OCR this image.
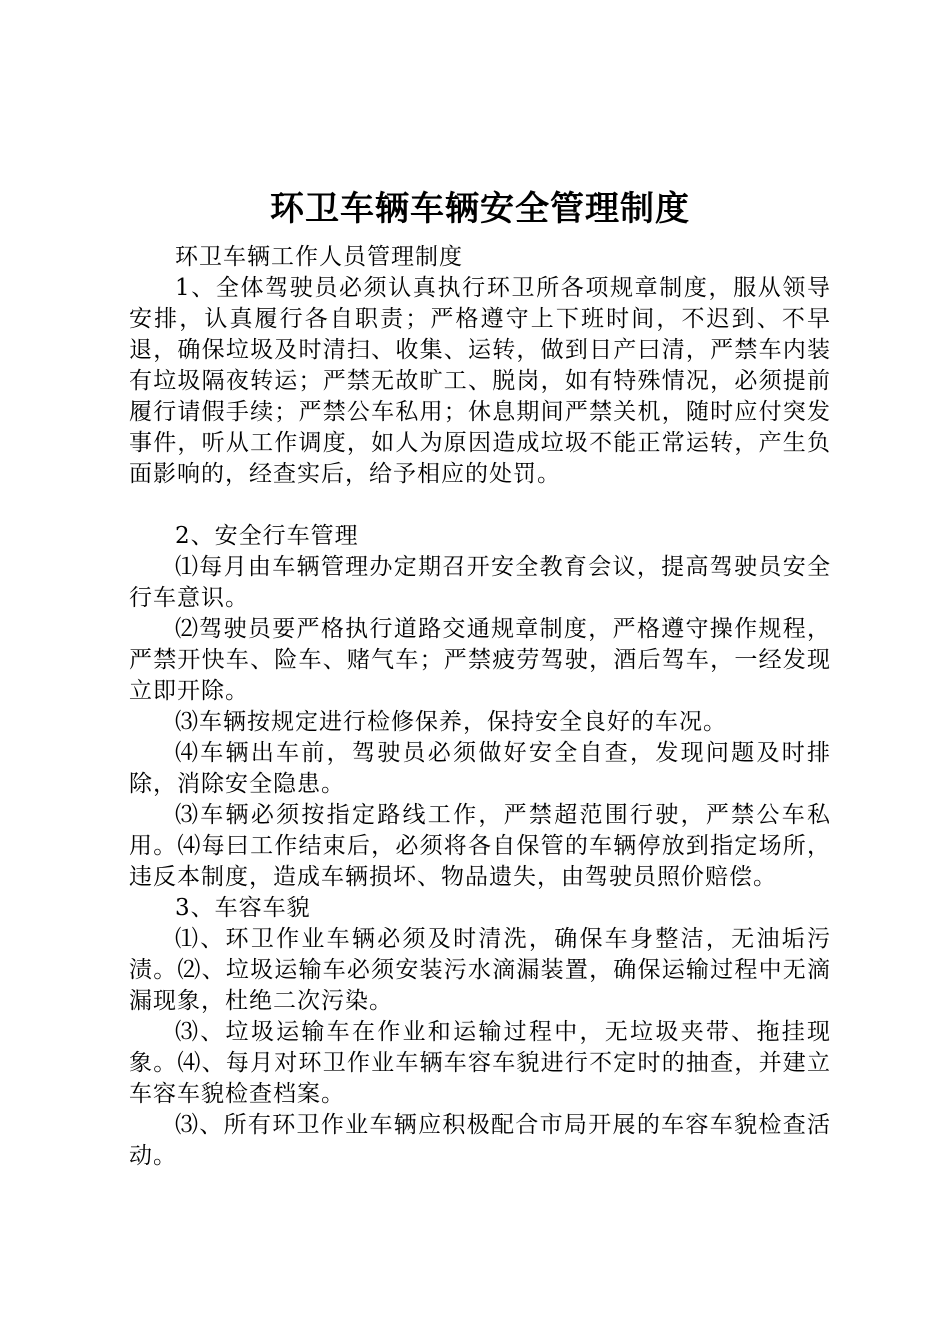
环卫车辆车辆安全管理制度

环卫车辆工作人员管理制度

1、全体驾驶员必须认真执行环卫所各项规章制度，服从领导安排，认真履行各自职责；严格遵守上下班时间，不迟到、不早退，确保垃圾及时清扫、收集、运转，做到日产曰清，严禁车内装有垃圾隔夜转运；严禁无故旷工、脱岗，如有特殊情况，必须提前履行请假手续；严禁公车私用；休息期间严禁关机，随时应付突发事件，听从工作调度，如人为原因造成垃圾不能正常运转，产生负面影响的，经查实后，给予相应的处罚。

2、安全行车管理

⑴每月由车辆管理办定期召开安全教育会议，提高驾驶员安全行车意识。

⑵驾驶员要严格执行道路交通规章制度，严格遵守操作规程，严禁开快车、险车、赌气车；严禁疲劳驾驶，酒后驾车，一经发现立即开除。

⑶车辆按规定进行检修保养，保持安全良好的车况。

⑷车辆出车前，驾驶员必须做好安全自查，发现问题及时排除，消除安全隐患。

⑶车辆必须按指定路线工作，严禁超范围行驶，严禁公车私用。⑷每曰工作结束后，必须将各自保管的车辆停放到指定场所，违反本制度，造成车辆损坏、物品遗失，由驾驶员照价赔偿。

3、车容车貌

⑴、环卫作业车辆必须及时清洗，确保车身整洁，无油垢污渍。⑵、垃圾运输车必须安装污水滴漏装置，确保运输过程中无滴漏现象，杜绝二次污染。

⑶、垃圾运输车在作业和运输过程中，无垃圾夹带、拖挂现象。⑷、每月对环卫作业车辆车容车貌进行不定时的抽查，并建立车容车貌检查档案。

⑶、所有环卫作业车辆应积极配合市局开展的车容车貌检查活动。
